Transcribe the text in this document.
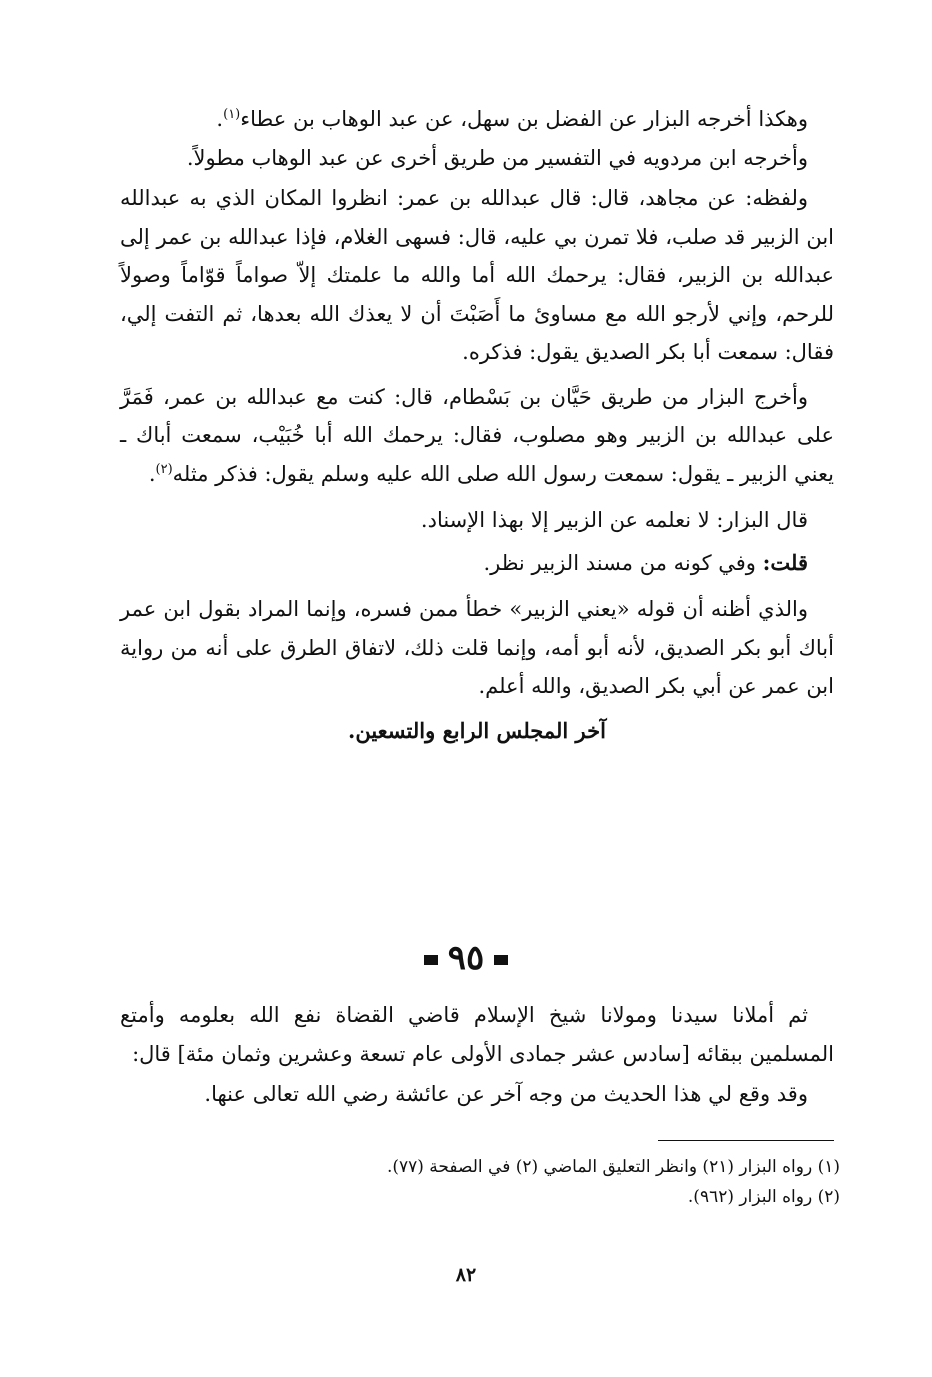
وهكذا أخرجه البزار عن الفضل بن سهل، عن عبد الوهاب بن عطاء$^{(١)}$.

وأخرجه ابن مردويه في التفسير من طريق أخرى عن عبد الوهاب مطولاً.

ولفظه: عن مجاهد، قال: قال عبدالله بن عمر: انظروا المكان الذي به عبدالله ابن الزبير قد صلب، فلا تمرن بي عليه، قال: فسهى الغلام، فإذا عبدالله بن عمر إلى عبدالله بن الزبير، فقال: يرحمك الله أما والله ما علمتك إلاّ صواماً قوّاماً وصولاً للرحم، وإني لأرجو الله مع مساوئ ما أَصَبْتَ أن لا يعذك الله بعدها، ثم التفت إلي، فقال: سمعت أبا بكر الصديق يقول: فذكره.

وأخرج البزار من طريق حَيَّان بن بَسْطام، قال: كنت مع عبدالله بن عمر، فَمَرَّ على عبدالله بن الزبير وهو مصلوب، فقال: يرحمك الله أبا خُبَيْب، سمعت أباك ـ يعني الزبير ـ يقول: سمعت رسول الله صلى الله عليه وسلم يقول: فذكر مثله$^{(٢)}$.

قال البزار: لا نعلمه عن الزبير إلا بهذا الإسناد.

قلت: وفي كونه من مسند الزبير نظر.

والذي أظنه أن قوله «يعني الزبير» خطأ ممن فسره، وإنما المراد بقول ابن عمر أباك أبو بكر الصديق، لأنه أبو أمه، وإنما قلت ذلك، لاتفاق الطرق على أنه من رواية ابن عمر عن أبي بكر الصديق، والله أعلم.

آخر المجلس الرابع والتسعين.

٩٥

ثم أملانا سيدنا ومولانا شيخ الإسلام قاضي القضاة نفع الله بعلومه وأمتع المسلمين ببقائه [سادس عشر جمادى الأولى عام تسعة وعشرين وثمان مئة] قال:

وقد وقع لي هذا الحديث من وجه آخر عن عائشة رضي الله تعالى عنها.

(١) رواه البزار (٢١) وانظر التعليق الماضي (٢) في الصفحة (٧٧).

(٢) رواه البزار (٩٦٢).

٨٢
